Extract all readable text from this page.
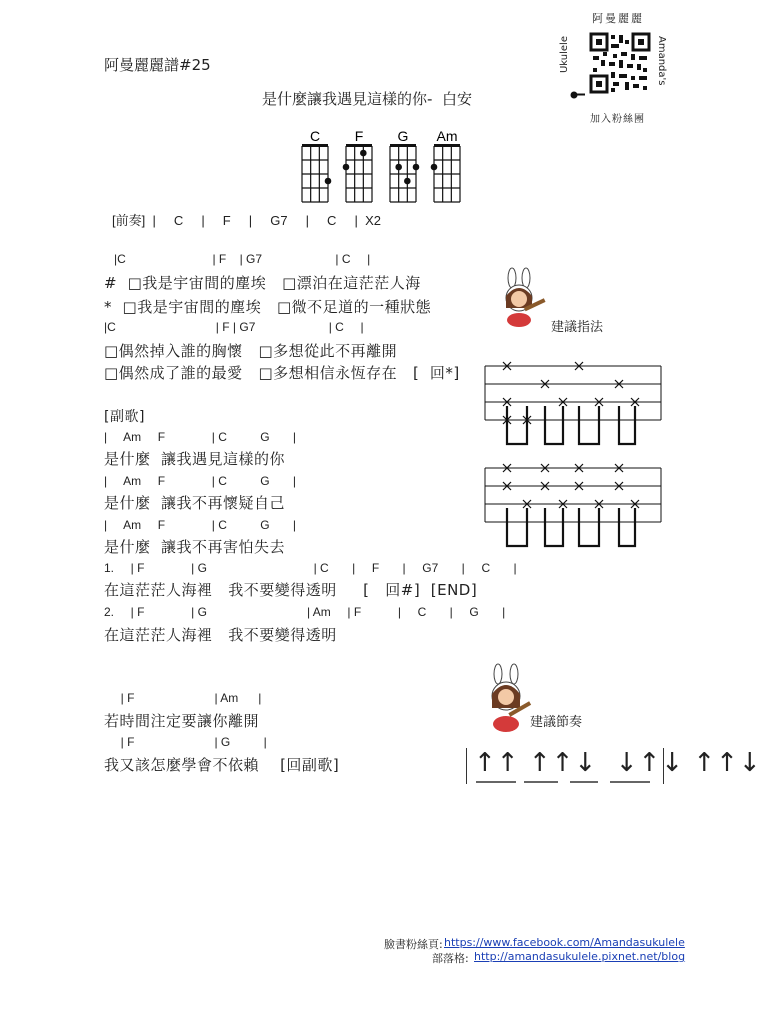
阿曼麗麗譜#25
是什麼讓我遇見這樣的你-  白安
阿曼麗麗
Ukulele	Amanda's
加入粉絲團
C F G Am
[前奏]  |     C     |     F     |     G7     |     C     |  X2
|C                          | F    | G7                      | C     |
#  □我是宇宙間的塵埃   □漂泊在這茫茫人海
*  □我是宇宙間的塵埃   □微不足道的一種狀態
|C                              | F | G7                      | C     |
□偶然掉入誰的胸懷   □多想從此不再離開
□偶然成了誰的最愛   □多想相信永恆存在   [  回*]
[副歌]
|     Am     F              | C          G       |
是什麼  讓我遇見這樣的你
|     Am     F              | C          G       |
是什麼  讓我不再懷疑自己
|     Am     F              | C          G       |
是什麼  讓我不再害怕失去
1.     | F              | G                                | C       |     F       |     G7       |     C       |
在這茫茫人海裡   我不要變得透明     [   回#]  [END]
2.     | F              | G                              | Am     | F           |     C       |     G       |
在這茫茫人海裡   我不要變得透明
| F                        | Am      |
若時間注定要讓你離開
| F                        | G          |
我又該怎麼學會不依賴    [回副歌]
建議指法
建議節奏
↑↑ ↑↑↓  ↓↑↓ ↑↑↓
臉書粉絲頁: https://www.facebook.com/Amandasukulele
部落格: http://amandasukulele.pixnet.net/blog
